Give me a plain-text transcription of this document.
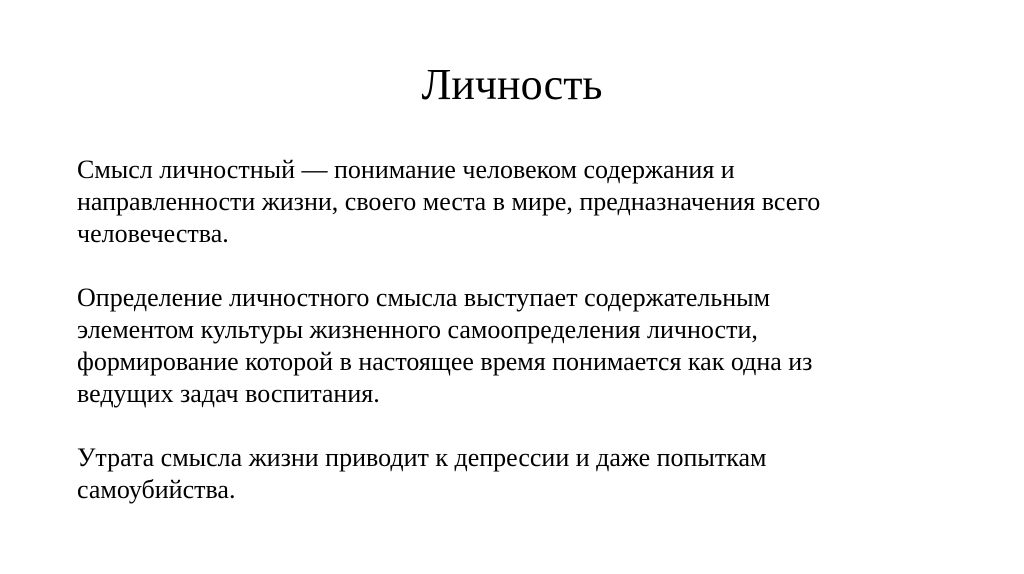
Личность

Смысл личностный — понимание человеком содержания и
направленности жизни, своего места в мире, предназначения всего
человечества.

Определение личностного смысла выступает содержательным
элементом культуры жизненного самоопределения личности,
формирование которой в настоящее время понимается как одна из
ведущих задач воспитания.

Утрата смысла жизни приводит к депрессии и даже попыткам
самоубийства.
